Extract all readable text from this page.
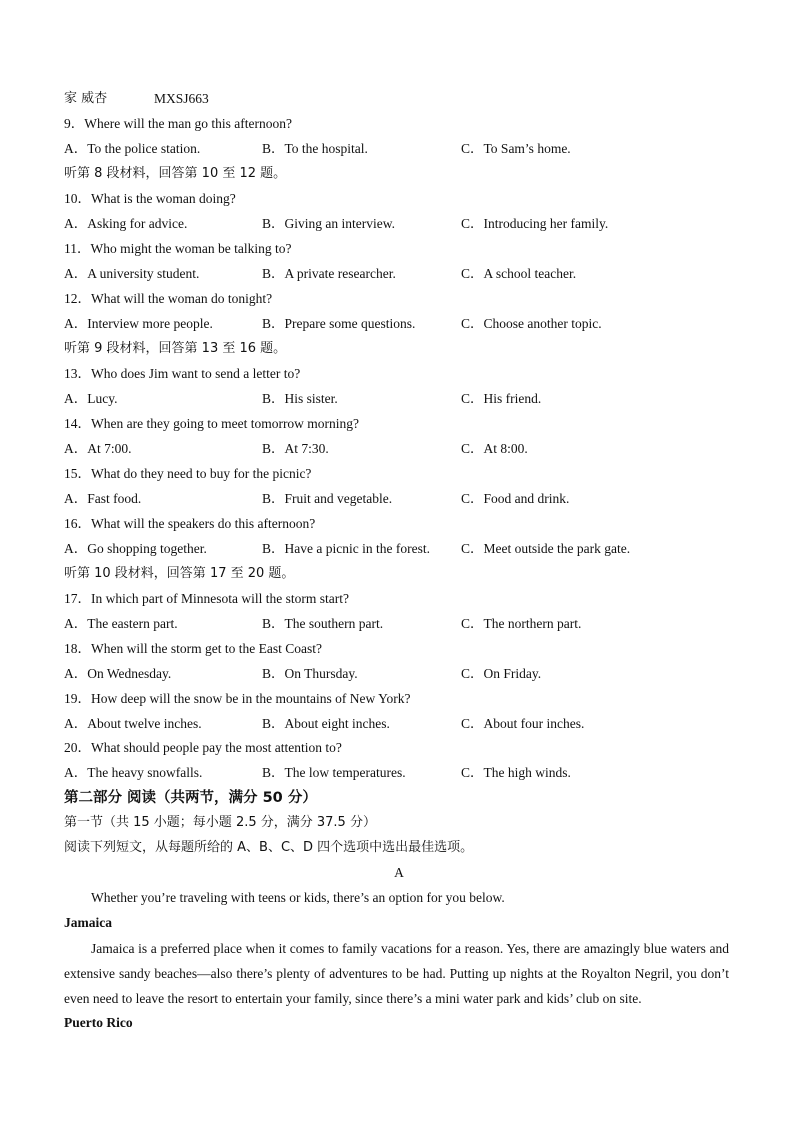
家 威杏	MXSJ663
9．Where will the man go this afternoon?
A．To the police station.	B．To the hospital.	C．To Sam’s home.
听第 8 段材料，回答第 10 至 12 题。
10．What is the woman doing?
A．Asking for advice.	B．Giving an interview.	C．Introducing her family.
11．Who might the woman be talking to?
A．A university student.	B．A private researcher.	C．A school teacher.
12．What will the woman do tonight?
A．Interview more people.	B．Prepare some questions.	C．Choose another topic.
听第 9 段材料，回答第 13 至 16 题。
13．Who does Jim want to send a letter to?
A．Lucy.	B．His sister.	C．His friend.
14．When are they going to meet tomorrow morning?
A．At 7:00.	B．At 7:30.	C．At 8:00.
15．What do they need to buy for the picnic?
A．Fast food.	B．Fruit and vegetable.	C．Food and drink.
16．What will the speakers do this afternoon?
A．Go shopping together.	B．Have a picnic in the forest. C．Meet outside the park gate.
听第 10 段材料，回答第 17 至 20 题。
17．In which part of Minnesota will the storm start?
A．The eastern part.	B．The southern part.	C．The northern part.
18．When will the storm get to the East Coast?
A．On Wednesday.	B．On Thursday.	C．On Friday.
19．How deep will the snow be in the mountains of New York?
A．About twelve inches.	B．About eight inches.	C．About four inches.
20．What should people pay the most attention to?
A．The heavy snowfalls.	B．The low temperatures.	C．The high winds.
第二部分 阅读（共两节，满分 50 分）
第一节（共 15 小题；每小题 2.5 分，满分 37.5 分）
阅读下列短文，从每题所给的 A、B、C、D 四个选项中选出最佳选项。
A
Whether you’re traveling with teens or kids, there’s an option for you below.
Jamaica
Jamaica is a preferred place when it comes to family vacations for a reason. Yes, there are amazingly blue waters and extensive sandy beaches—also there’s plenty of adventures to be had. Putting up nights at the Royalton Negril, you don’t even need to leave the resort to entertain your family, since there’s a mini water park and kids’ club on site.
Puerto Rico
